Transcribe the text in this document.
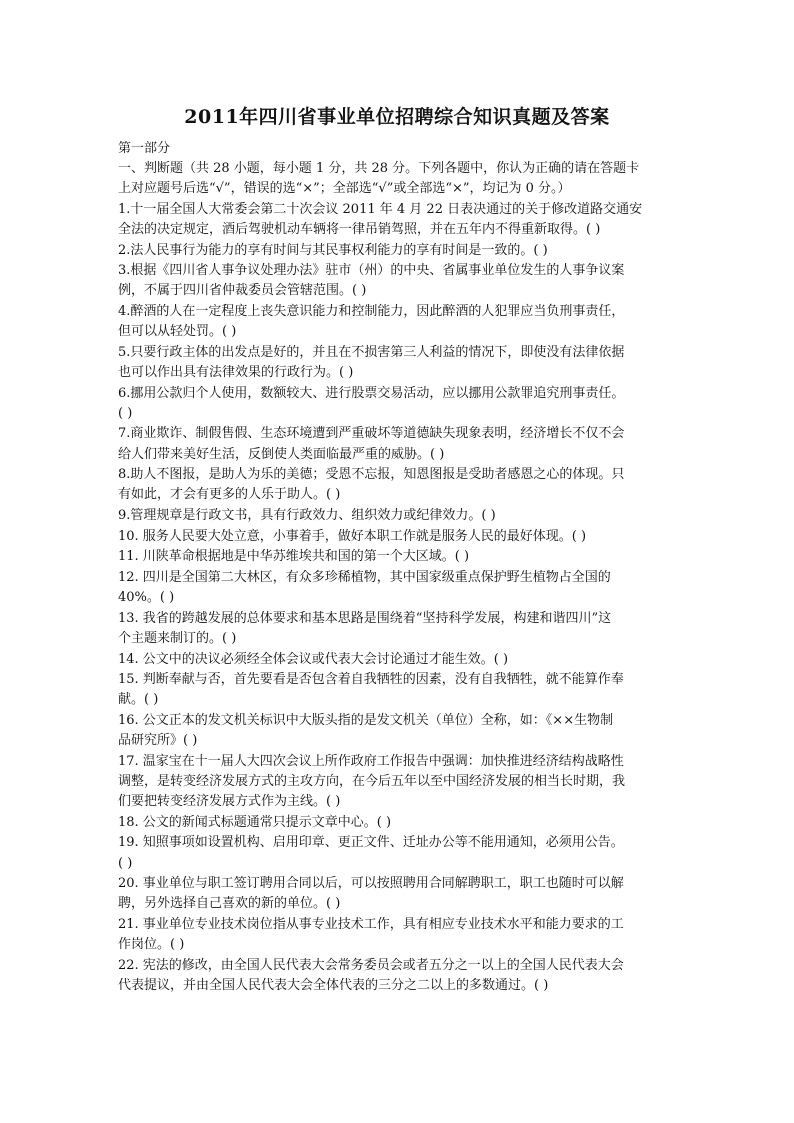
2011年四川省事业单位招聘综合知识真题及答案
第一部分
一、判断题（共 28 小题，每小题 1 分，共 28 分。下列各题中，你认为正确的请在答题卡
上对应题号后选“√”，错误的选“×”；全部选“√”或全部选“×”，均记为 0 分。）
1.十一届全国人大常委会第二十次会议 2011 年 4 月 22 日表决通过的关于修改道路交通安
全法的决定规定，酒后驾驶机动车辆将一律吊销驾照，并在五年内不得重新取得。( )
2.法人民事行为能力的享有时间与其民事权利能力的享有时间是一致的。( )
3.根据《四川省人事争议处理办法》驻市（州）的中央、省属事业单位发生的人事争议案
例，不属于四川省仲裁委员会管辖范围。( )
4.醉酒的人在一定程度上丧失意识能力和控制能力，因此醉酒的人犯罪应当负刑事责任，
但可以从轻处罚。( )
5.只要行政主体的出发点是好的，并且在不损害第三人利益的情况下，即使没有法律依据
也可以作出具有法律效果的行政行为。( )
6.挪用公款归个人使用，数额较大、进行股票交易活动，应以挪用公款罪追究刑事责任。
( )
7.商业欺诈、制假售假、生态环境遭到严重破坏等道德缺失现象表明，经济增长不仅不会
给人们带来美好生活，反倒使人类面临最严重的威胁。( )
8.助人不图报，是助人为乐的美德；受恩不忘报，知恩图报是受助者感恩之心的体现。只
有如此，才会有更多的人乐于助人。( )
9.管理规章是行政文书，具有行政效力、组织效力或纪律效力。( )
10. 服务人民要大处立意，小事着手，做好本职工作就是服务人民的最好体现。( )
11. 川陕革命根据地是中华苏维埃共和国的第一个大区域。( )
12. 四川是全国第二大林区，有众多珍稀植物，其中国家级重点保护野生植物占全国的
40%。( )
13. 我省的跨越发展的总体要求和基本思路是围绕着“坚持科学发展，构建和谐四川”这
个主题来制订的。( )
14. 公文中的决议必须经全体会议或代表大会讨论通过才能生效。( )
15. 判断奉献与否，首先要看是否包含着自我牺牲的因素，没有自我牺牲，就不能算作奉
献。( )
16. 公文正本的发文机关标识中大版头指的是发文机关（单位）全称，如：《××生物制
品研究所》( )
17. 温家宝在十一届人大四次会议上所作政府工作报告中强调：加快推进经济结构战略性
调整，是转变经济发展方式的主攻方向，在今后五年以至中国经济发展的相当长时期，我
们要把转变经济发展方式作为主线。( )
18. 公文的新闻式标题通常只提示文章中心。( )
19. 知照事项如设置机构、启用印章、更正文件、迁址办公等不能用通知，必须用公告。
( )
20. 事业单位与职工签订聘用合同以后，可以按照聘用合同解聘职工，职工也随时可以解
聘，另外选择自己喜欢的新的单位。( )
21. 事业单位专业技术岗位指从事专业技术工作，具有相应专业技术水平和能力要求的工
作岗位。( )
22. 宪法的修改，由全国人民代表大会常务委员会或者五分之一以上的全国人民代表大会
代表提议，并由全国人民代表大会全体代表的三分之二以上的多数通过。( )
